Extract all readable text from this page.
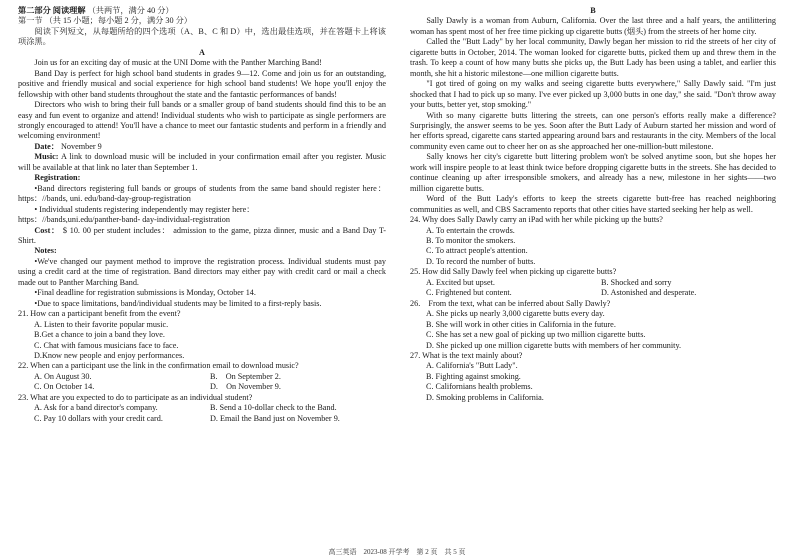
第二部分 阅读理解 （共两节，满分 40 分）

第一节 （共 15 小题；每小题 2 分，满分 30 分）

阅读下列短文，从每题所给的四个选项（A、B、C 和 D）中，选出最佳选项，并在答题卡上将该项涂黑。

A

Join us for an exciting day of music at the UNI Dome with the Panther Marching Band!

Band Day is perfect for high school band students in grades 9—12. Come and join us for an outstanding, positive and friendly musical and social experience for high school band students! We hope you'll enjoy the fellowship with other band students throughout the state and the fantastic performances of bands!

Directors who wish to bring their full bands or a smaller group of band students should find this to be an easy and fun event to organize and attend! Individual students who wish to participate as single performers are strongly encouraged to attend! You'll have a chance to meet our fantastic students and perform in a friendly and welcoming environment!

Date： November 9

Music: A link to download music will be included in your confirmation email after you register. Music will be available at that link no later than September 1.

Registration:

•Band directors registering full bands or groups of students from the same band should register here： https：//bands, uni. edu/band-day-group-registration

• Individual students registering independently may register here：

https：//bands,uni.edu/panther-band- day-individual-registration

Cost： $ 10. 00 per student includes： admission to the game, pizza dinner, music and a Band Day T-Shirt.

Notes:

•We've changed our payment method to improve the registration process. Individual students must pay using a credit card at the time of registration. Band directors may either pay with credit card or mail a check made out to Panther Marching Band.

•Final deadline for registration submissions is Monday, October 14.

•Due to space limitations, band/individual students may be limited to a first-reply basis.

21. How can a participant benefit from the event?

A. Listen to their favorite popular music.
B.Get a chance to join a band they love.
C. Chat with famous musicians face to face.
D.Know new people and enjoy performances.

22. When can a participant use the link in the confirmation email to download music?

A. On August 30.	B.　On September 2.
C. On October 14.	D.　On November 9.

23. What are you expected to do to participate as an individual student?

A. Ask for a band director's company.	B. Send a 10-dollar check to the Band.
C. Pay 10 dollars with your credit card.	D. Email the Band just on November 9.

B

Sally Dawly is a woman from Auburn, California. Over the last three and a half years, the antilittering woman has spent most of her free time picking up cigarette butts (烟头) from the streets of her home city.

Called the "Butt Lady" by her local community, Dawly began her mission to rid the streets of her city of cigarette butts in October, 2014. The woman looked for cigarette butts, picked them up and threw them in the trash. To keep a count of how many butts she picks up, the Butt Lady has been using a tablet, and earlier this month, she hit a historic milestone—one million cigarette butts.

"I got tired of going on my walks and seeing cigarette butts everywhere," Sally Dawly said. "I'm just shocked that I had to pick up so many. I've ever picked up 3,000 butts in one day," she said. "Don't throw away your butts, better yet, stop smoking."

With so many cigarette butts littering the streets, can one person's efforts really make a difference? Surprisingly, the answer seems to be yes. Soon after the Butt Lady of Auburn started her mission and word of her efforts spread, cigarette cans started appearing around bars and restaurants in the city. Members of the local community even came out to cheer her on as she approached her one-million-butt milestone.

Sally knows her city's cigarette butt littering problem won't be solved anytime soon, but she hopes her work will inspire people to at least think twice before dropping cigarette butts in the streets. She has decided to continue cleaning up after irresponsible smokers, and already has a new, milestone in her sights——two million cigarette butts.

Word of the Butt Lady's efforts to keep the streets cigarette butt-free has reached neighboring communities as well, and CBS Sacramento reports that other cities have started seeking her help as well.

24. Why does Sally Dawly carry an iPad with her while picking up the butts?

A. To entertain the crowds.
B. To monitor the smokers.
C. To attract people's attention.
D. To record the number of butts.

25. How did Sally Dawly feel when picking up cigarette butts?

A. Excited but upset.	B. Shocked and sorry
C. Frightened but content.	D. Astonished and desperate.

26.　From the text, what can be inferred about Sally Dawly?

A. She picks up nearly 3,000 cigarette butts every day.
B. She will work in other cities in California in the future.
C. She has set a new goal of picking up two million cigarette butts.
D. She picked up one million cigarette butts with members of her community.

27. What is the text mainly about?

A. California's "Butt Lady".
B. Fighting against smoking.
C. Californians health problems.
D. Smoking problems in California.
高三英语　2023-08 开学考　第 2 页　共 5 页
